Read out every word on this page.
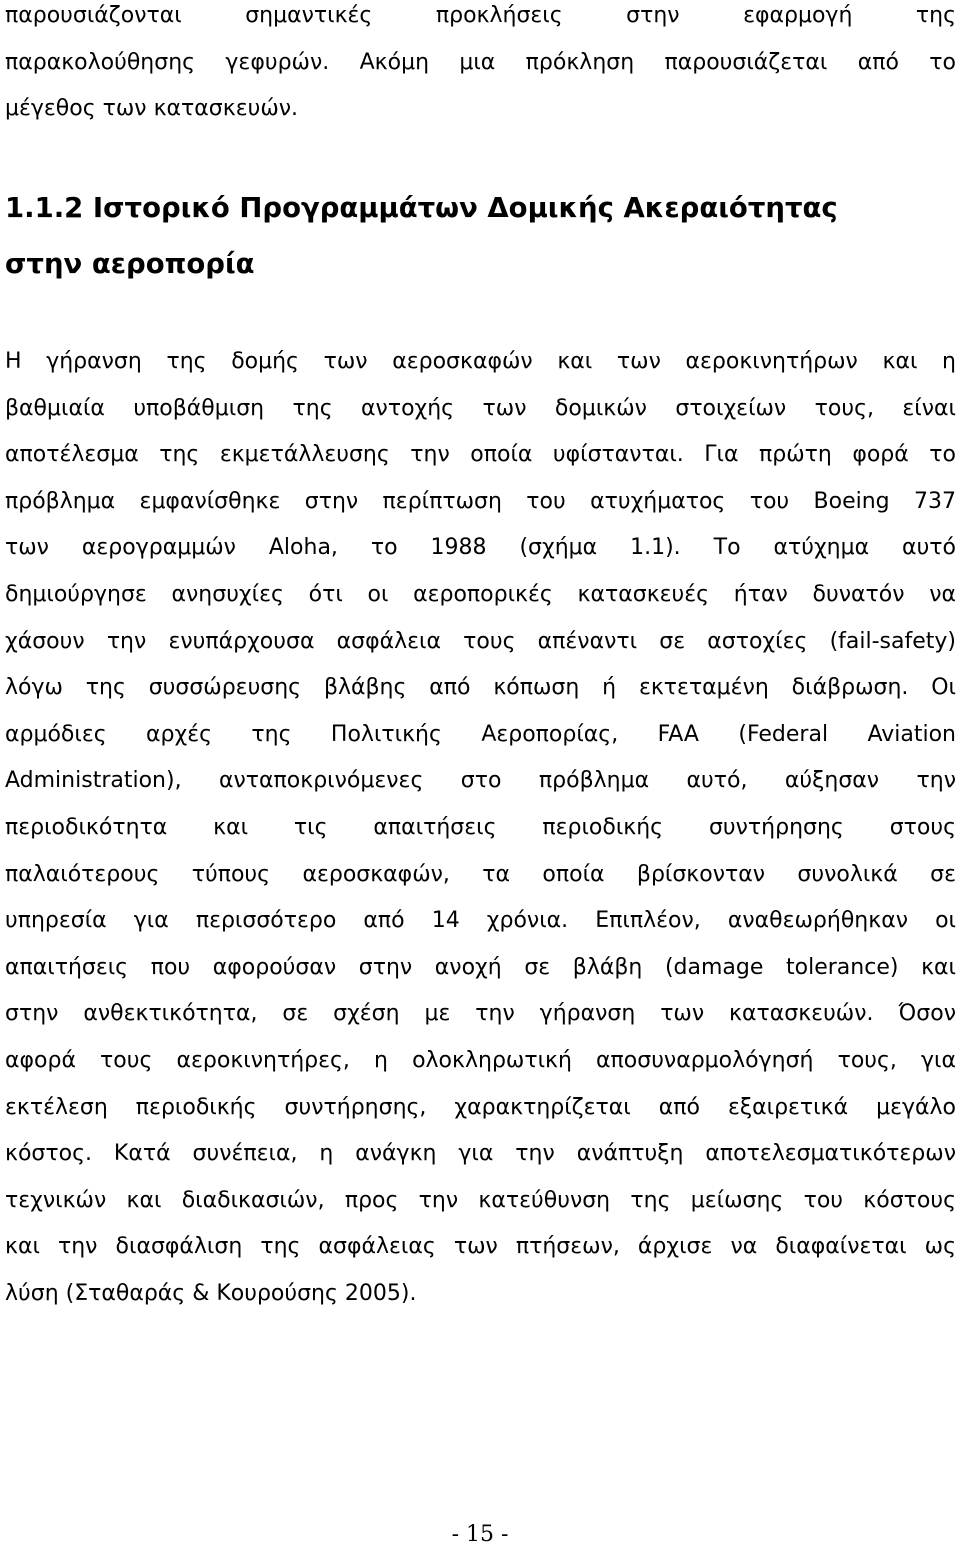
παρουσιάζονται σημαντικές προκλήσεις στην εφαρμογή της
παρακολούθησης γεφυρών. Ακόμη μια πρόκληση παρουσιάζεται από το
μέγεθος των κατασκευών.
1.1.2 Ιστορικό Προγραμμάτων Δομικής Ακεραιότητας
στην αεροπορία
Η γήρανση της δομής των αεροσκαφών και των αεροκινητήρων και η
βαθμιαία υποβάθμιση της αντοχής των δομικών στοιχείων τους, είναι
αποτέλεσμα της εκμετάλλευσης την οποία υφίστανται. Για πρώτη φορά το
πρόβλημα εμφανίσθηκε στην περίπτωση του ατυχήματος του Boeing 737
των αερογραμμών Aloha, το 1988 (σχήμα 1.1). Το ατύχημα αυτό
δημιούργησε ανησυχίες ότι οι αεροπορικές κατασκευές ήταν δυνατόν να
χάσουν την ενυπάρχουσα ασφάλεια τους απέναντι σε αστοχίες (fail-safety)
λόγω της συσσώρευσης βλάβης από κόπωση ή εκτεταμένη διάβρωση. Οι
αρμόδιες αρχές της Πολιτικής Αεροπορίας, FAA (Federal Aviation
Administration), ανταποκρινόμενες στο πρόβλημα αυτό, αύξησαν την
περιοδικότητα και τις απαιτήσεις περιοδικής συντήρησης στους
παλαιότερους τύπους αεροσκαφών, τα οποία βρίσκονταν συνολικά σε
υπηρεσία για περισσότερο από 14 χρόνια. Επιπλέον, αναθεωρήθηκαν οι
απαιτήσεις που αφορούσαν στην ανοχή σε βλάβη (damage tolerance) και
στην ανθεκτικότητα, σε σχέση με την γήρανση των κατασκευών. Όσον
αφορά τους αεροκινητήρες, η ολοκληρωτική αποσυναρμολόγησή τους, για
εκτέλεση περιοδικής συντήρησης, χαρακτηρίζεται από εξαιρετικά μεγάλο
κόστος. Κατά συνέπεια, η ανάγκη για την ανάπτυξη αποτελεσματικότερων
τεχνικών και διαδικασιών, προς την κατεύθυνση της μείωσης του κόστους
και την διασφάλιση της ασφάλειας των πτήσεων, άρχισε να διαφαίνεται ως
λύση (Σταθαράς & Κουρούσης 2005).
- 15 -
